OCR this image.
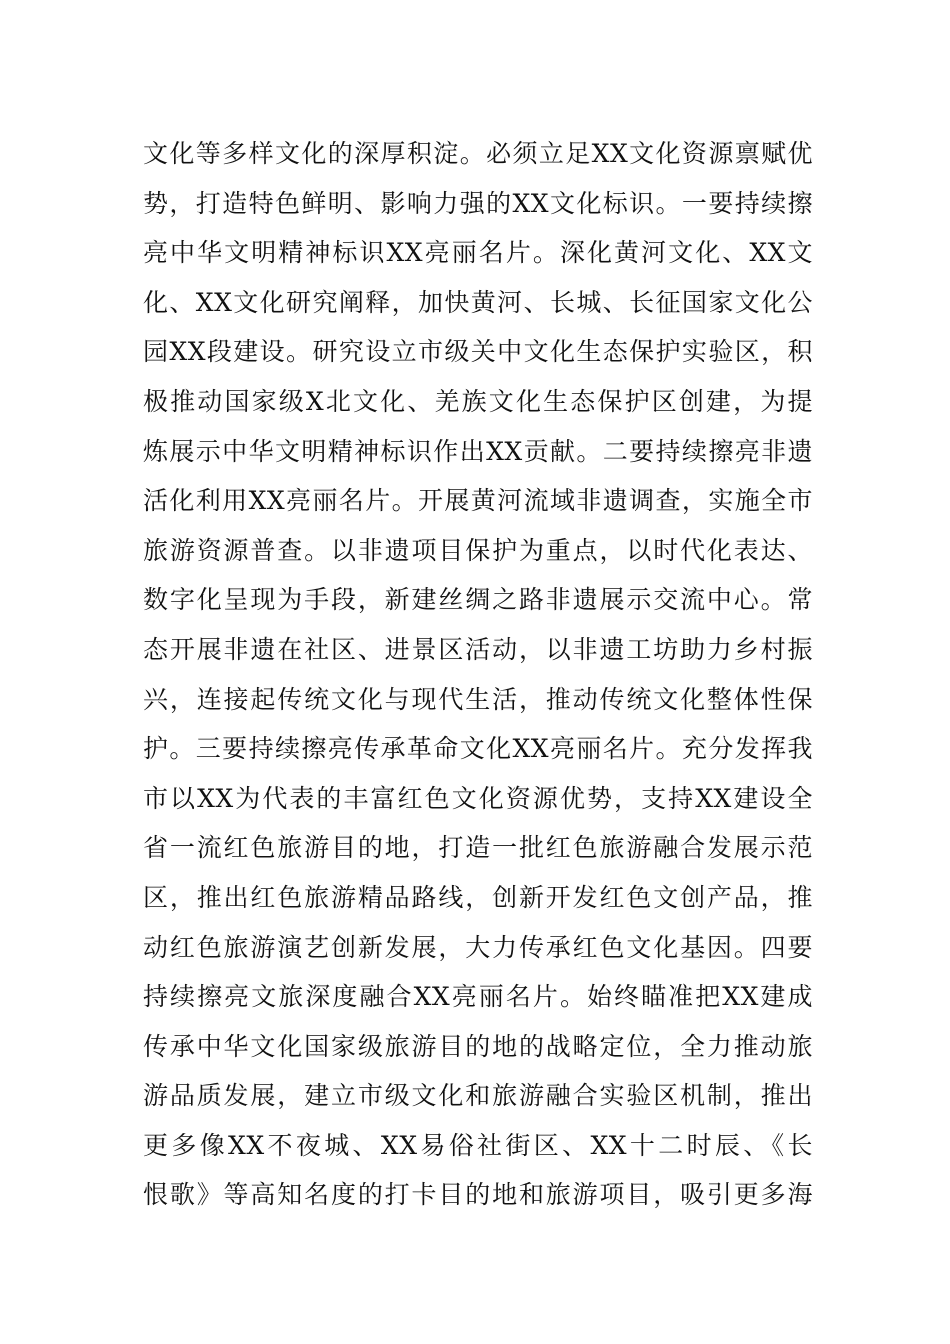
文化等多样文化的深厚积淀。必须立足XX文化资源禀赋优
势，打造特色鲜明、影响力强的XX文化标识。一要持续擦
亮中华文明精神标识XX亮丽名片。深化黄河文化、XX文
化、XX文化研究阐释，加快黄河、长城、长征国家文化公
园XX段建设。研究设立市级关中文化生态保护实验区，积
极推动国家级X北文化、羌族文化生态保护区创建，为提
炼展示中华文明精神标识作出XX贡献。二要持续擦亮非遗
活化利用XX亮丽名片。开展黄河流域非遗调查，实施全市
旅游资源普查。以非遗项目保护为重点，以时代化表达、
数字化呈现为手段，新建丝绸之路非遗展示交流中心。常
态开展非遗在社区、进景区活动，以非遗工坊助力乡村振
兴，连接起传统文化与现代生活，推动传统文化整体性保
护。三要持续擦亮传承革命文化XX亮丽名片。充分发挥我
市以XX为代表的丰富红色文化资源优势，支持XX建设全
省一流红色旅游目的地，打造一批红色旅游融合发展示范
区，推出红色旅游精品路线，创新开发红色文创产品，推
动红色旅游演艺创新发展，大力传承红色文化基因。四要
持续擦亮文旅深度融合XX亮丽名片。始终瞄准把XX建成
传承中华文化国家级旅游目的地的战略定位，全力推动旅
游品质发展，建立市级文化和旅游融合实验区机制，推出
更多像XX不夜城、XX易俗社街区、XX十二时辰、《长
恨歌》等高知名度的打卡目的地和旅游项目，吸引更多海
